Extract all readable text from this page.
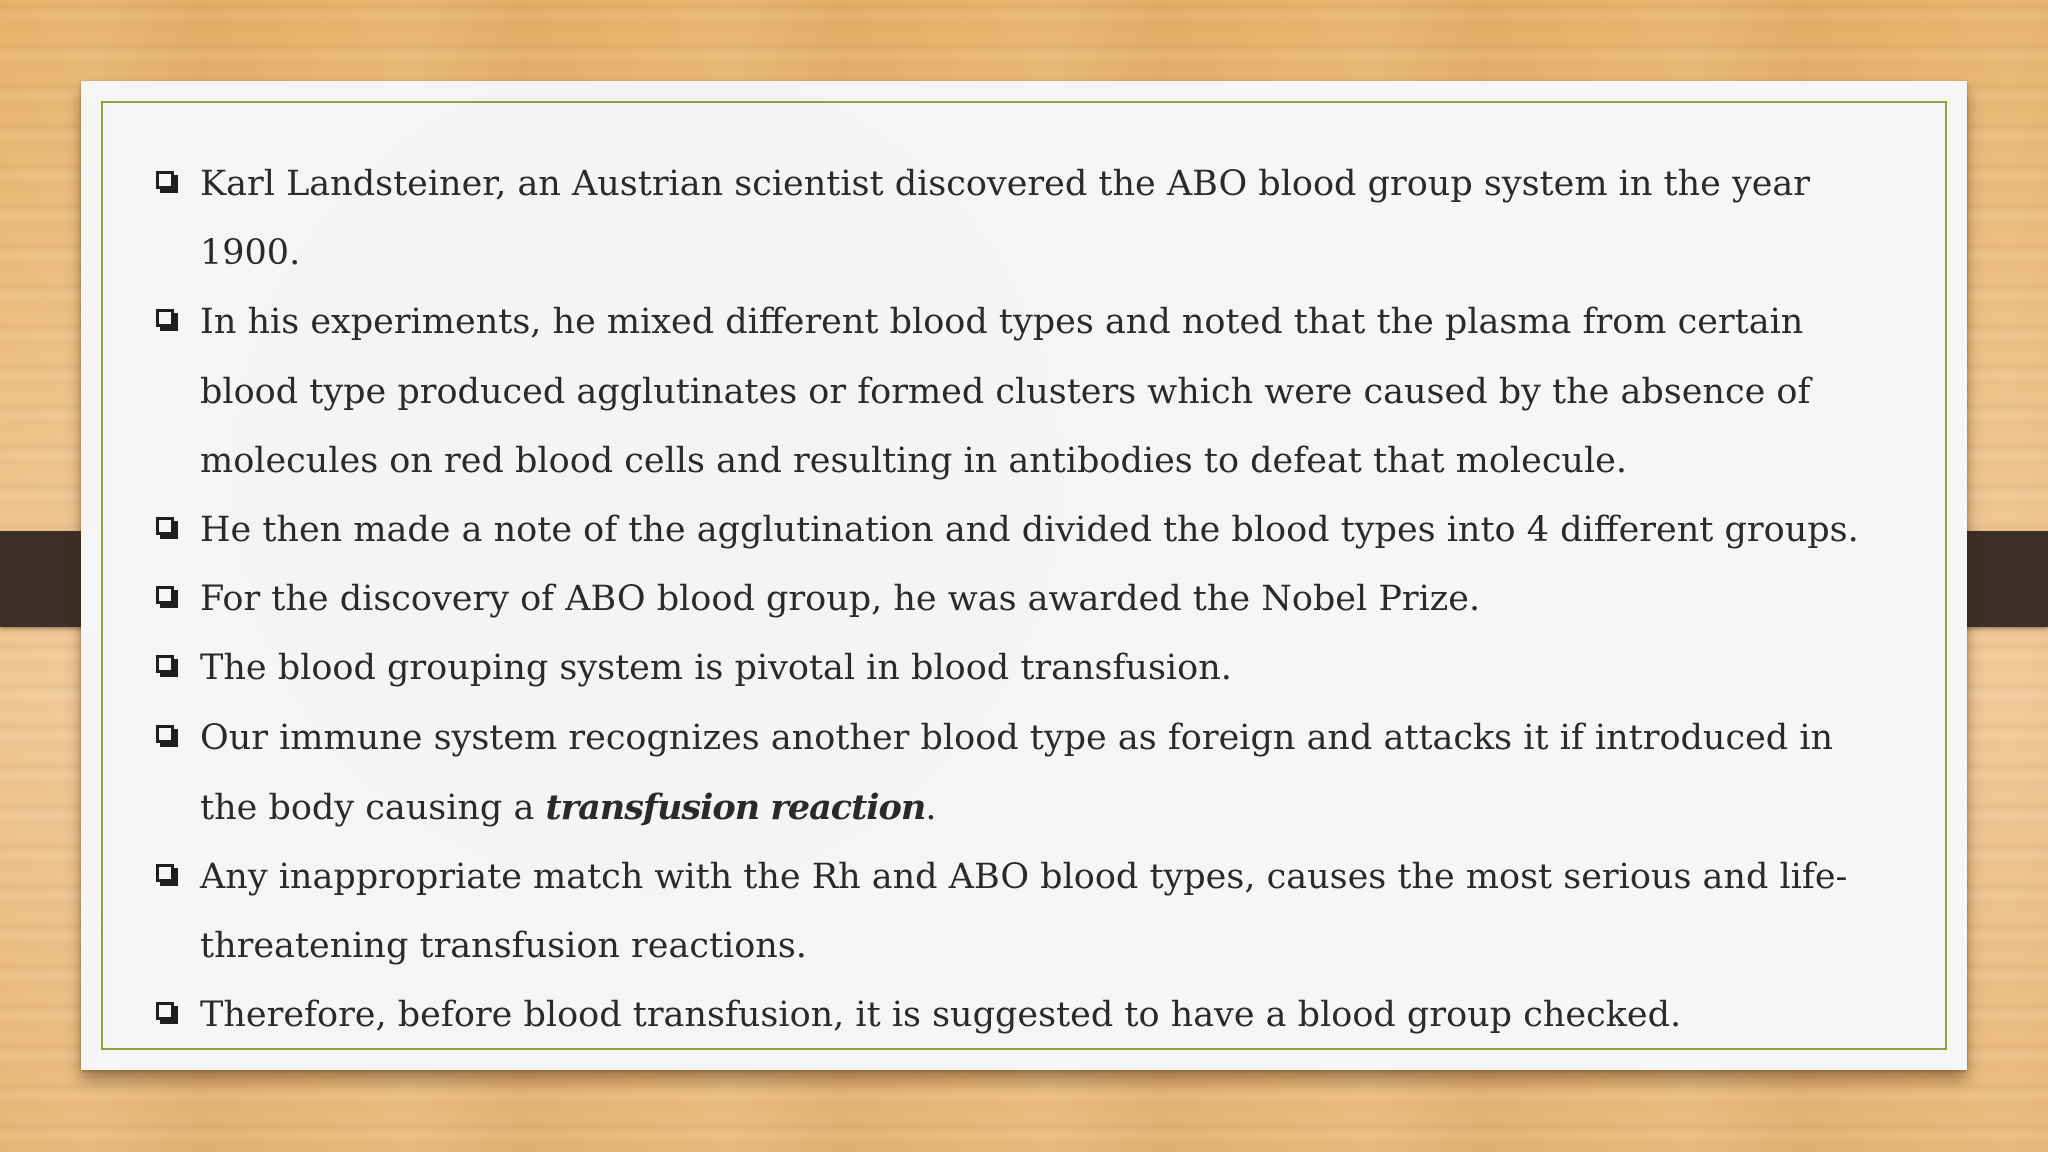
Karl Landsteiner, an Austrian scientist discovered the ABO blood group system in the year 1900.
In his experiments, he mixed different blood types and noted that the plasma from certain blood type produced agglutinates or formed clusters which were caused by the absence of molecules on red blood cells and resulting in antibodies to defeat that molecule.
He then made a note of the agglutination and divided the blood types into 4 different groups.
For the discovery of ABO blood group, he was awarded the Nobel Prize.
The blood grouping system is pivotal in blood transfusion.
Our immune system recognizes another blood type as foreign and attacks it if introduced in the body causing a transfusion reaction.
Any inappropriate match with the Rh and ABO blood types, causes the most serious and life-threatening transfusion reactions.
Therefore, before blood transfusion, it is suggested to have a blood group checked.
